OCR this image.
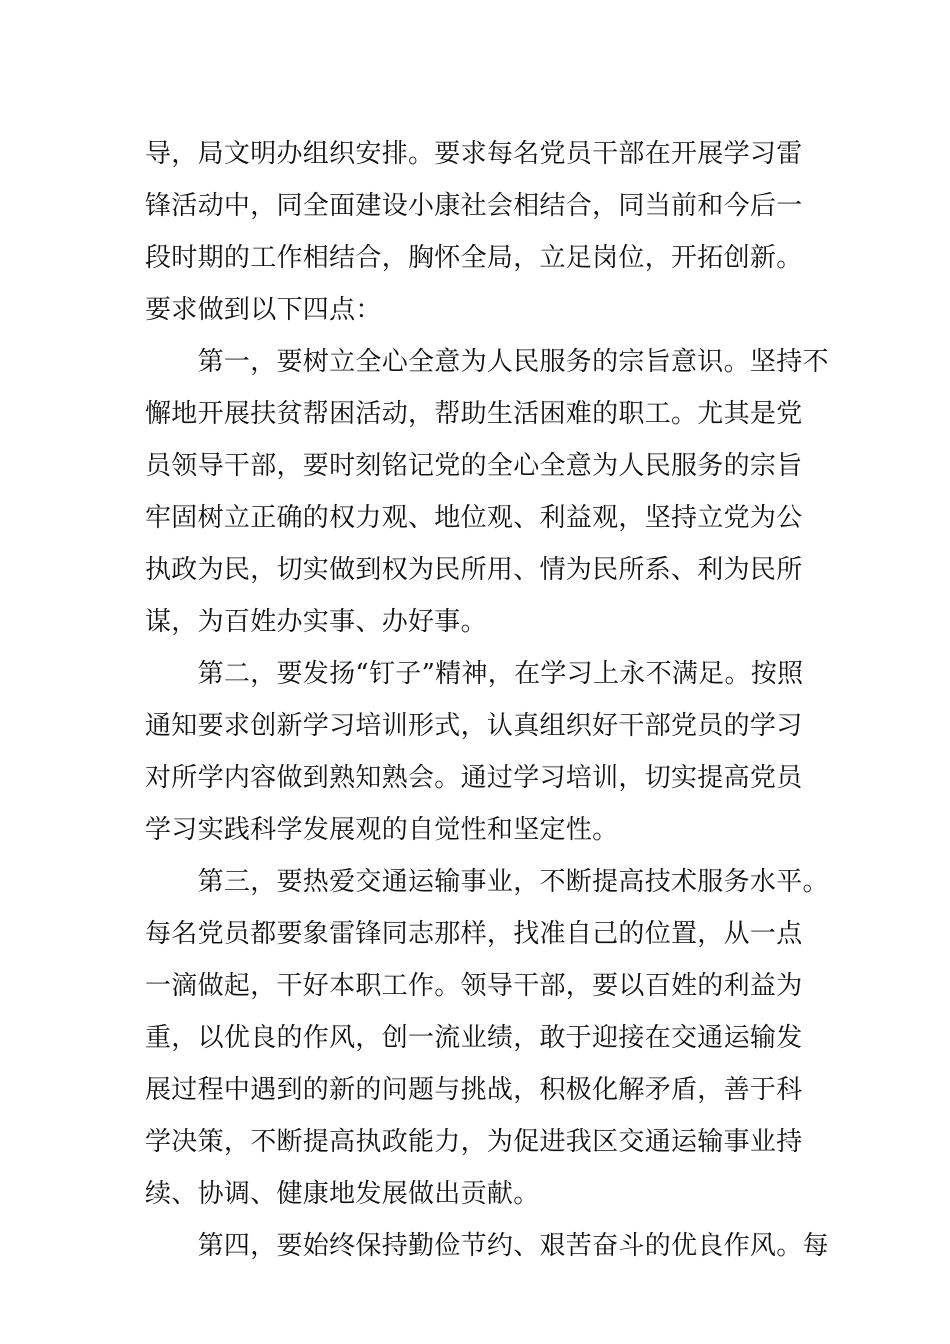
导，局文明办组织安排。要求每名党员干部在开展学习雷
锋活动中，同全面建设小康社会相结合，同当前和今后一
段时期的工作相结合，胸怀全局，立足岗位，开拓创新。
要求做到以下四点：
　　第一，要树立全心全意为人民服务的宗旨意识。坚持不
懈地开展扶贫帮困活动，帮助生活困难的职工。尤其是党
员领导干部，要时刻铭记党的全心全意为人民服务的宗旨
牢固树立正确的权力观、地位观、利益观，坚持立党为公
执政为民，切实做到权为民所用、情为民所系、利为民所
谋，为百姓办实事、办好事。
　　第二，要发扬“钉子”精神，在学习上永不满足。按照
通知要求创新学习培训形式，认真组织好干部党员的学习
对所学内容做到熟知熟会。通过学习培训，切实提高党员
学习实践科学发展观的自觉性和坚定性。
　　第三，要热爱交通运输事业，不断提高技术服务水平。
每名党员都要象雷锋同志那样，找准自己的位置，从一点
一滴做起，干好本职工作。领导干部，要以百姓的利益为
重，以优良的作风，创一流业绩，敢于迎接在交通运输发
展过程中遇到的新的问题与挑战，积极化解矛盾，善于科
学决策，不断提高执政能力，为促进我区交通运输事业持
续、协调、健康地发展做出贡献。
　　第四，要始终保持勤俭节约、艰苦奋斗的优良作风。每
